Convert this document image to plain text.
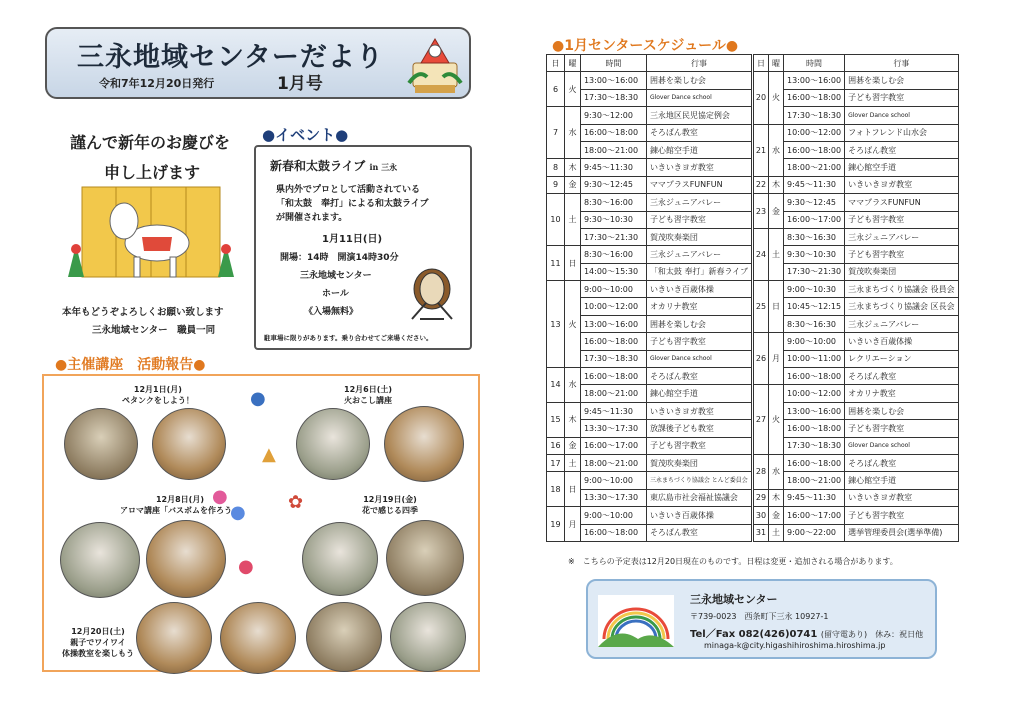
三永地域センターだより
令和7年12月20日発行	1月号
謹んで新年のお慶びを
申し上げます
本年もどうぞよろしくお願い致します
三永地域センター　職員一同
●イベント●
新春和太鼓ライブ in 三永
県内外でプロとして活動されている
「和太鼓　奉打」による和太鼓ライブ
が開催されます。
1月11日(日)
開場：14時　開演14時30分
三永地域センター
ホール
《入場無料》
駐車場に限りがあります。乗り合わせてご来場ください。
●主催講座　活動報告●
12月1日(月)
ペタンクをしよう！	●	12月6日(土)
火おこし講座
▲
12月8日(月)
アロマ講座「バスボムを作ろう」
●
●
12月19日(金)
花で感じる四季
✿
●
12月20日(土)
親子でワイワイ
体操教室を楽しもう
●1月センタースケジュール●
日	曜	時間	行事
6	火	13:00～16:00	囲碁を楽しむ会
		17:30～18:30	Glover Dance school
7	水	9:30～12:00	三永地区民児協定例会
		16:00～18:00	そろばん教室
		18:00～21:00	錬心館空手道
8	木	9:45～11:30	いきいきヨガ教室
9	金	9:30～12:45	ママプラスFUNFUN
10	土	8:30～16:00	三永ジュニアバレー
		9:30～10:30	子ども習字教室
		17:30～21:30	賀茂吹奏楽団
11	日	8:30～16:00	三永ジュニアバレー
		14:00～15:30	「和太鼓 奉打」新春ライブ
13	火	9:00～10:00	いきいき百歳体操
		10:00～12:00	オカリナ教室
		13:00～16:00	囲碁を楽しむ会
		16:00～18:00	子ども習字教室
		17:30～18:30	Glover Dance school
14	水	16:00～18:00	そろばん教室
		18:00～21:00	錬心館空手道
15	木	9:45～11:30	いきいきヨガ教室
		13:30～17:30	放課後子ども教室
16	金	16:00～17:00	子ども習字教室
17	土	18:00～21:00	賀茂吹奏楽団
18	日	9:00～10:00	三永まちづくり協議会 とんど委員会
		13:30～17:30	東広島市社会福祉協議会
19	月	9:00～10:00	いきいき百歳体操
		16:00～18:00	そろばん教室
日	曜	時間	行事
20	火	13:00～16:00	囲碁を楽しむ会
		16:00～18:00	子ども習字教室
		17:30～18:30	Glover Dance school
21	水	10:00～12:00	フォトフレンド山水会
		16:00～18:00	そろばん教室
		18:00～21:00	錬心館空手道
22	木	9:45～11:30	いきいきヨガ教室
23	金	9:30～12:45	ママプラスFUNFUN
		16:00～17:00	子ども習字教室
24	土	8:30～16:30	三永ジュニアバレー
		9:30～10:30	子ども習字教室
		17:30～21:30	賀茂吹奏楽団
25	日	9:00～10:30	三永まちづくり協議会 役員会
		10:45～12:15	三永まちづくり協議会 区長会
		8:30～16:30	三永ジュニアバレー
26	月	9:00～10:00	いきいき百歳体操
		10:00～11:00	レクリエーション
		16:00～18:00	そろばん教室
27	火	10:00～12:00	オカリナ教室
		13:00～16:00	囲碁を楽しむ会
		16:00～18:00	子ども習字教室
		17:30～18:30	Glover Dance school
28	水	16:00～18:00	そろばん教室
		18:00～21:00	錬心館空手道
29	木	9:45～11:30	いきいきヨガ教室
30	金	16:00～17:00	子ども習字教室
31	土	9:00～22:00	選挙管理委員会(選挙準備)
※　こちらの予定表は12月20日現在のものです。日程は変更・追加される場合があります。
三永地域センター
〒739-0023　西条町下三永 10927-1
Tel／Fax 082(426)0741 (留守電あり)　休み：祝日他
minaga-k@city.higashihiroshima.hiroshima.jp
